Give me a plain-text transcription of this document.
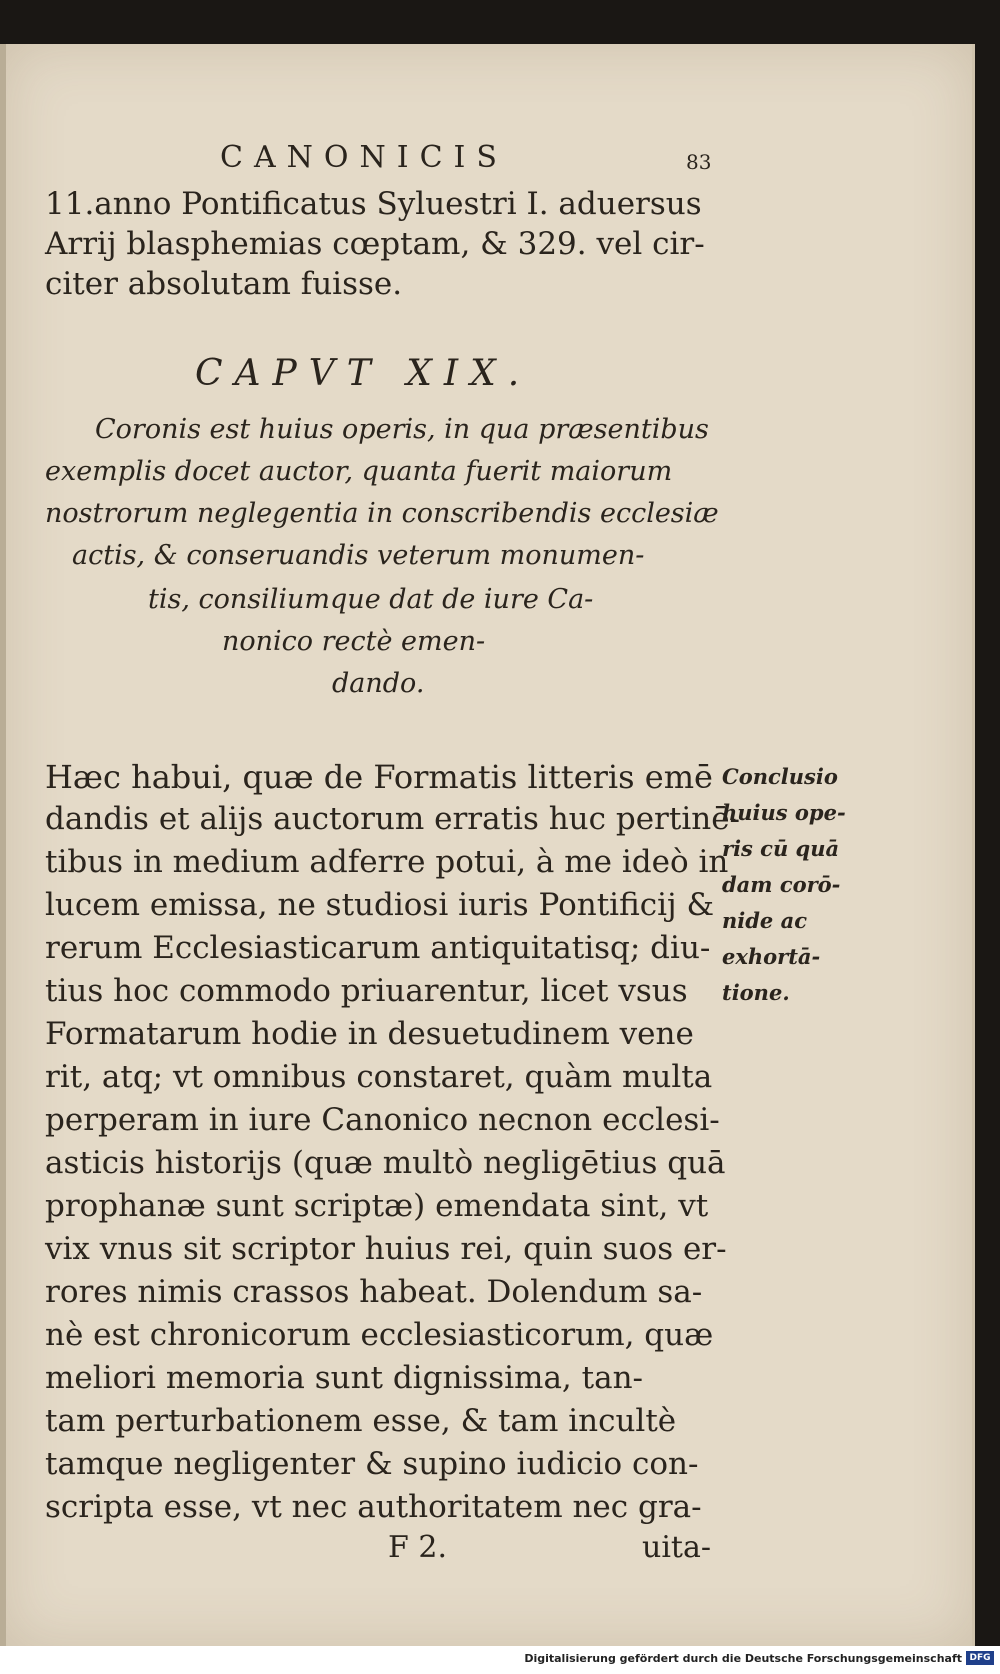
CANONICIS	83
11.anno Pontificatus Syluestri I. aduersus
Arrij blasphemias cœptam, & 329. vel cir-
citer absolutam fuisse.
CAPVT XIX.
Coronis est huius operis, in qua præsentibus
exemplis docet auctor, quanta fuerit maiorum
nostrorum neglegentia in conscribendis ecclesiæ
actis, & conseruandis veterum monumen-
tis, consiliumque dat de iure Ca-
nonico rectè emen-
dando.
Hæc habui, quæ de Formatis litteris emē
dandis et alijs auctorum erratis huc pertinē-
tibus in medium adferre potui, à me ideò in
lucem emissa, ne studiosi iuris Pontificij &
rerum Ecclesiasticarum antiquitatisq; diu-
tius hoc commodo priuarentur, licet vsus
Formatarum hodie in desuetudinem vene
rit, atq; vt omnibus constaret, quàm multa
perperam in iure Canonico necnon ecclesi-
asticis historijs (quæ multò negligētius quā
prophanæ sunt scriptæ) emendata sint, vt
vix vnus sit scriptor huius rei, quin suos er-
rores nimis crassos habeat. Dolendum sa-
nè est chronicorum ecclesiasticorum, quæ
meliori memoria sunt dignissima, tan-
tam perturbationem esse, & tam incultè
tamque negligenter & supino iudicio con-
scripta esse, vt nec authoritatem nec gra-
Conclusio
huius ope-
ris cū quā
dam corō-
nide ac
exhortā-
tione.
F 2.	uita-
Digitalisierung gefördert durch die Deutsche Forschungsgemeinschaft DFG
